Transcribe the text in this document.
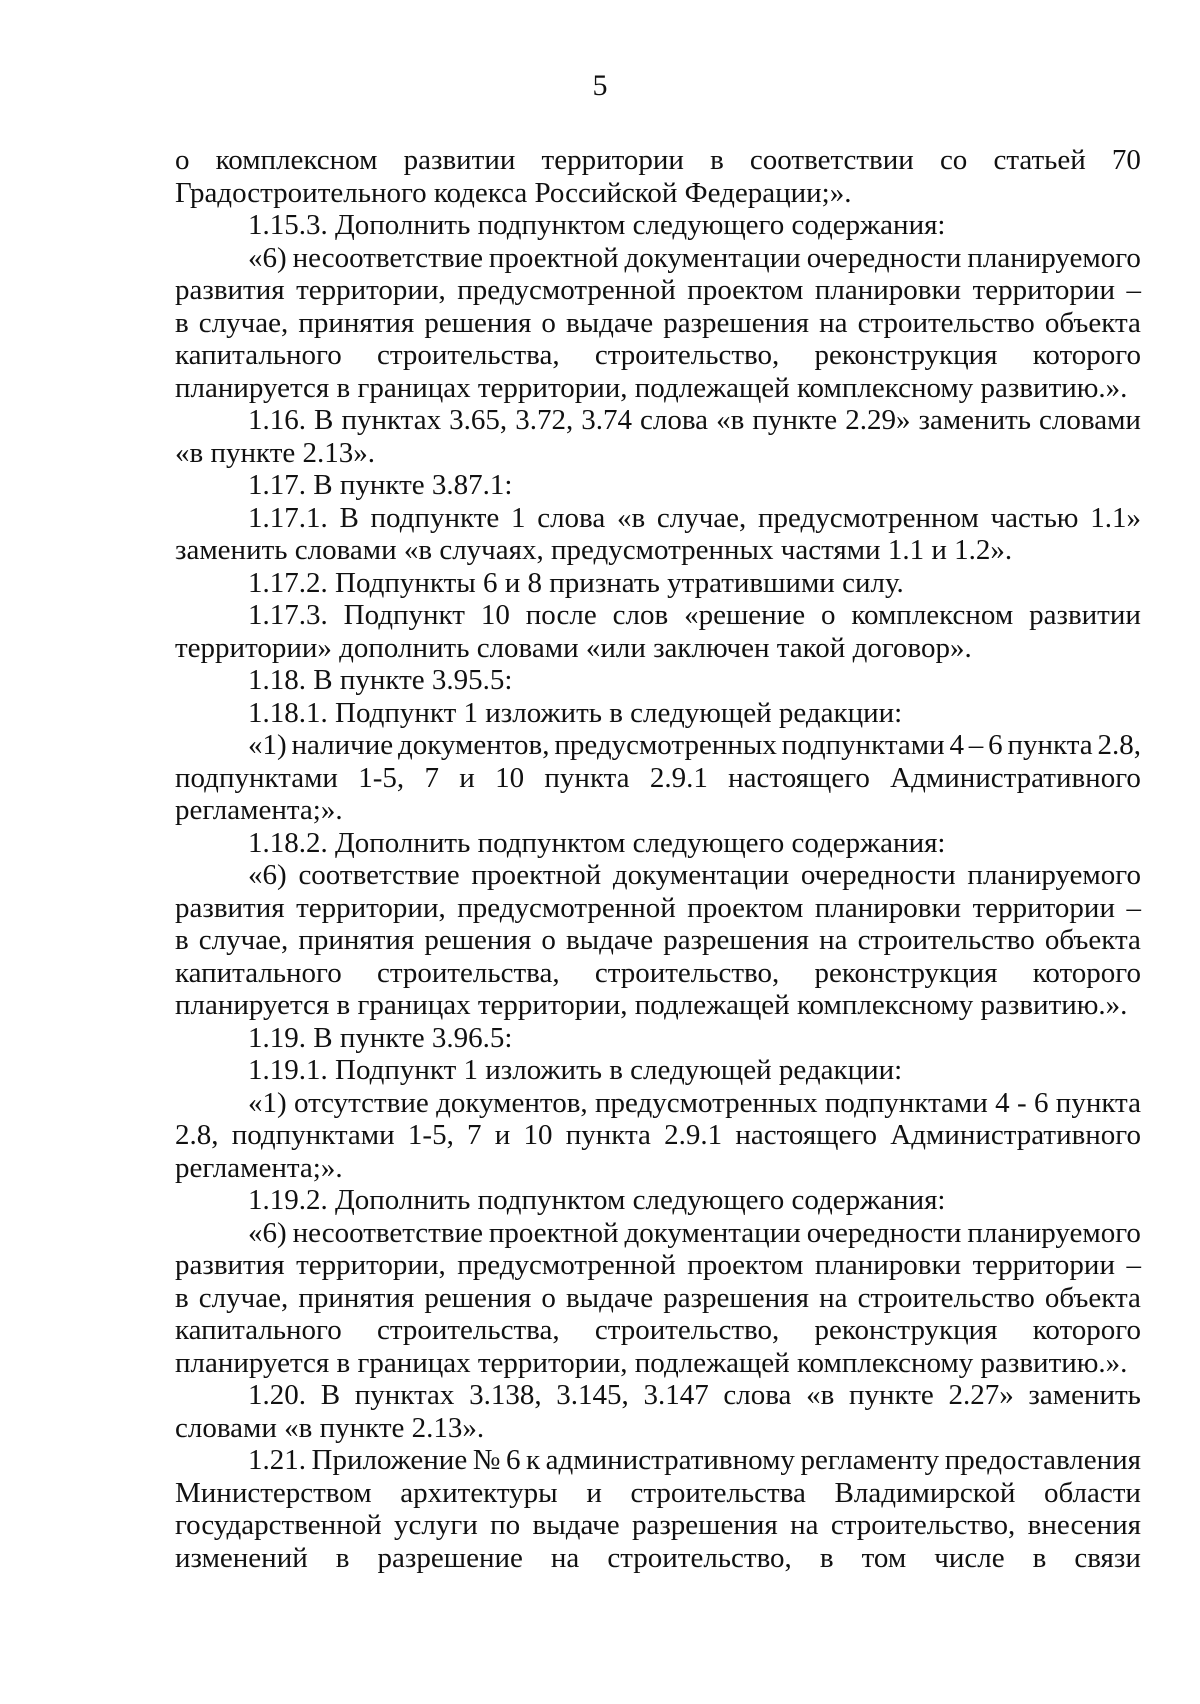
5
о комплексном развитии территории в соответствии со статьей 70
Градостроительного кодекса Российской Федерации;».
1.15.3. Дополнить подпунктом следующего содержания:
«6) несоответствие проектной документации очередности планируемого
развития территории, предусмотренной проектом планировки территории –
в случае, принятия решения о выдаче разрешения на строительство объекта
капитального строительства, строительство, реконструкция которого
планируется в границах территории, подлежащей комплексному развитию.».
1.16. В пунктах 3.65, 3.72, 3.74 слова «в пункте 2.29» заменить словами
«в пункте 2.13».
1.17. В пункте 3.87.1:
1.17.1. В подпункте 1 слова «в случае, предусмотренном частью 1.1»
заменить словами «в случаях, предусмотренных частями 1.1 и 1.2».
1.17.2. Подпункты 6 и 8 признать утратившими силу.
1.17.3. Подпункт 10 после слов «решение о комплексном развитии
территории» дополнить словами «или заключен такой договор».
1.18. В пункте 3.95.5:
1.18.1. Подпункт 1 изложить в следующей редакции:
«1) наличие документов, предусмотренных подпунктами 4 – 6 пункта 2.8,
подпунктами 1-5, 7 и 10 пункта 2.9.1 настоящего Административного
регламента;».
1.18.2. Дополнить подпунктом следующего содержания:
«6) соответствие проектной документации очередности планируемого
развития территории, предусмотренной проектом планировки территории –
в случае, принятия решения о выдаче разрешения на строительство объекта
капитального строительства, строительство, реконструкция которого
планируется в границах территории, подлежащей комплексному развитию.».
1.19. В пункте 3.96.5:
1.19.1. Подпункт 1 изложить в следующей редакции:
«1) отсутствие документов, предусмотренных подпунктами 4 - 6 пункта
2.8, подпунктами 1-5, 7 и 10 пункта 2.9.1 настоящего Административного
регламента;».
1.19.2. Дополнить подпунктом следующего содержания:
«6) несоответствие проектной документации очередности планируемого
развития территории, предусмотренной проектом планировки территории –
в случае, принятия решения о выдаче разрешения на строительство объекта
капитального строительства, строительство, реконструкция которого
планируется в границах территории, подлежащей комплексному развитию.».
1.20. В пунктах 3.138, 3.145, 3.147 слова «в пункте 2.27» заменить
словами «в пункте 2.13».
1.21. Приложение № 6 к административному регламенту предоставления
Министерством архитектуры и строительства Владимирской области
государственной услуги по выдаче разрешения на строительство, внесения
изменений в разрешение на строительство, в том числе в связи
